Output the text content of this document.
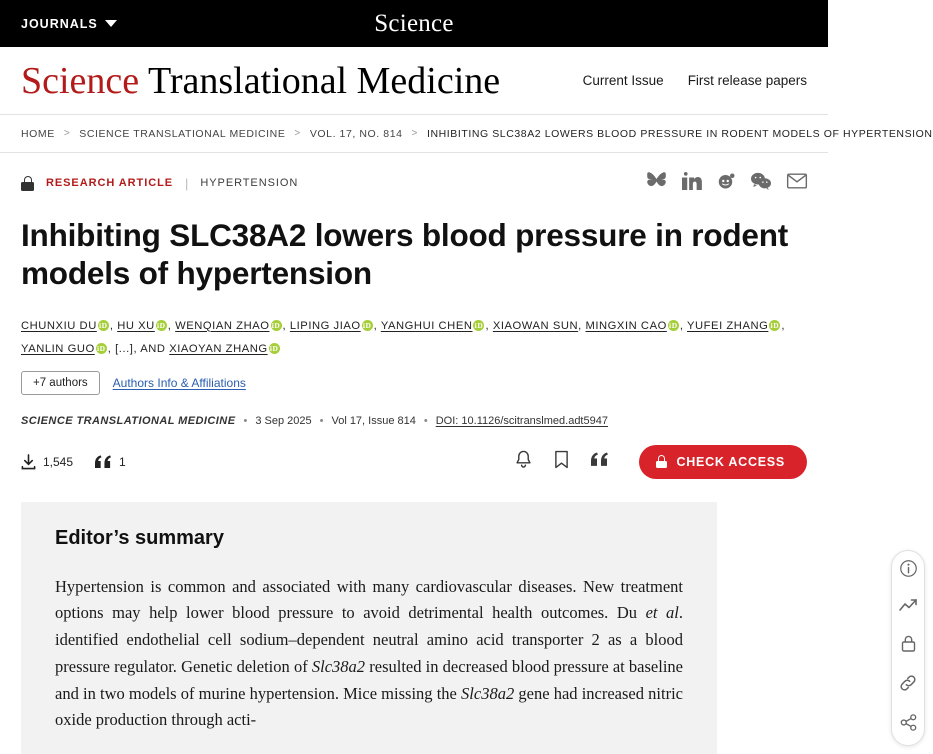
JOURNALS	Science
Science Translational Medicine	Current Issue First release papers
HOME > SCIENCE TRANSLATIONAL MEDICINE > VOL. 17, NO. 814 > INHIBITING SLC38A2 LOWERS BLOOD PRESSURE IN RODENT MODELS OF HYPERTENSION
RESEARCH ARTICLE | HYPERTENSION
Inhibiting SLC38A2 lowers blood pressure in rodent models of hypertension
CHUNXIU DU iD , HU XU iD , WENQIAN ZHAO iD , LIPING JIAO iD , YANGHUI CHEN iD , XIAOWAN SUN, MINGXIN CAO iD , YUFEI ZHANG iD , YANLIN GUO iD , [...], AND XIAOYAN ZHANG iD
+7 authors	Authors Info & Affiliations
SCIENCE TRANSLATIONAL MEDICINE • 3 Sep 2025 • Vol 17, Issue 814 • DOI: 10.1126/scitranslmed.adt5947
1,545	1	CHECK ACCESS
Editor’s summary

Hypertension is common and associated with many cardiovascular diseases. New treatment options may help lower blood pressure to avoid detrimental health outcomes. Du et al. identified endothelial cell sodium–dependent neutral amino acid transporter 2 as a blood pressure regulator. Genetic deletion of Slc38a2 resulted in decreased blood pressure at baseline and in two models of murine hypertension. Mice missing the Slc38a2 gene had increased nitric oxide production through acti-
